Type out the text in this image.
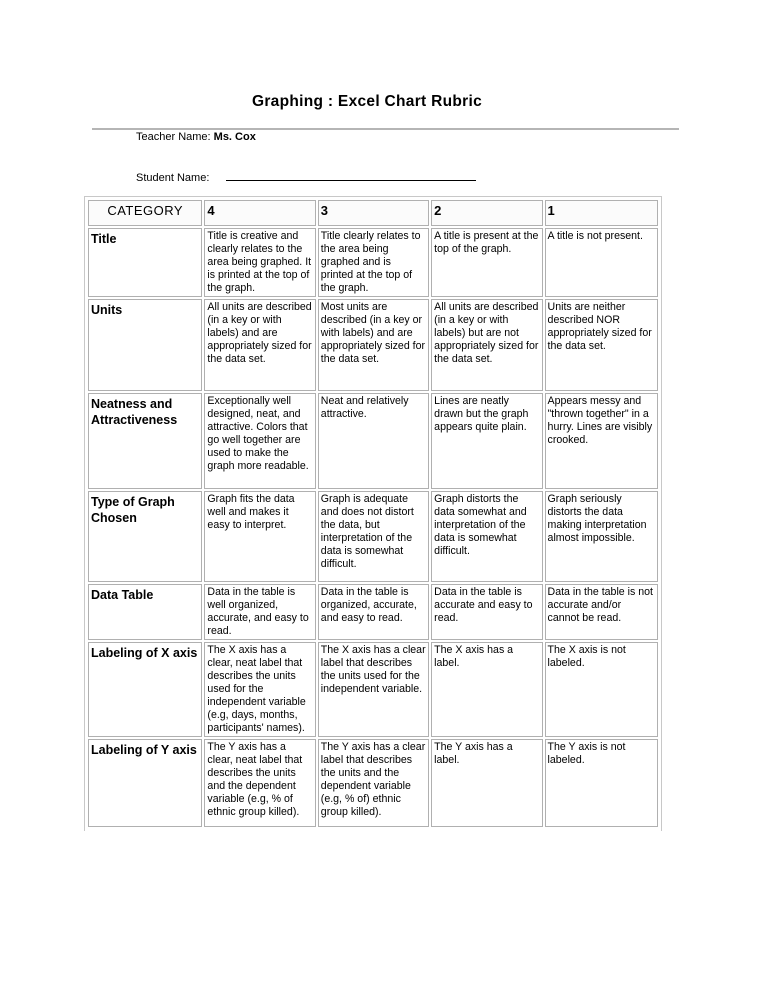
Graphing : Excel Chart Rubric
Teacher Name: Ms. Cox
Student Name:
CATEGORY	4	3	2	1
Title	Title is creative and clearly relates to the area being graphed. It is printed at the top of the graph.	Title clearly relates to the area being graphed and is printed at the top of the graph.	A title is present at the top of the graph.	A title is not present.
Units	All units are described (in a key or with labels) and are appropriately sized for the data set.	Most units are described (in a key or with labels) and are appropriately sized for the data set.	All units are described (in a key or with labels) but are not appropriately sized for the data set.	Units are neither described NOR appropriately sized for the data set.
Neatness and Attractiveness	Exceptionally well designed, neat, and attractive. Colors that go well together are used to make the graph more readable.	Neat and relatively attractive.	Lines are neatly drawn but the graph appears quite plain.	Appears messy and "thrown together" in a hurry. Lines are visibly crooked.
Type of Graph Chosen	Graph fits the data well and makes it easy to interpret.	Graph is adequate and does not distort the data, but interpretation of the data is somewhat difficult.	Graph distorts the data somewhat and interpretation of the data is somewhat difficult.	Graph seriously distorts the data making interpretation almost impossible.
Data Table	Data in the table is well organized, accurate, and easy to read.	Data in the table is organized, accurate, and easy to read.	Data in the table is accurate and easy to read.	Data in the table is not accurate and/or cannot be read.
Labeling of X axis	The X axis has a clear, neat label that describes the units used for the independent variable (e.g, days, months, participants' names).	The X axis has a clear label that describes the units used for the independent variable.	The X axis has a label.	The X axis is not labeled.
Labeling of Y axis	The Y axis has a clear, neat label that describes the units and the dependent variable (e.g, % of ethnic group killed).	The Y axis has a clear label that describes the units and the dependent variable (e.g, % of) ethnic group killed).	The Y axis has a label.	The Y axis is not labeled.
